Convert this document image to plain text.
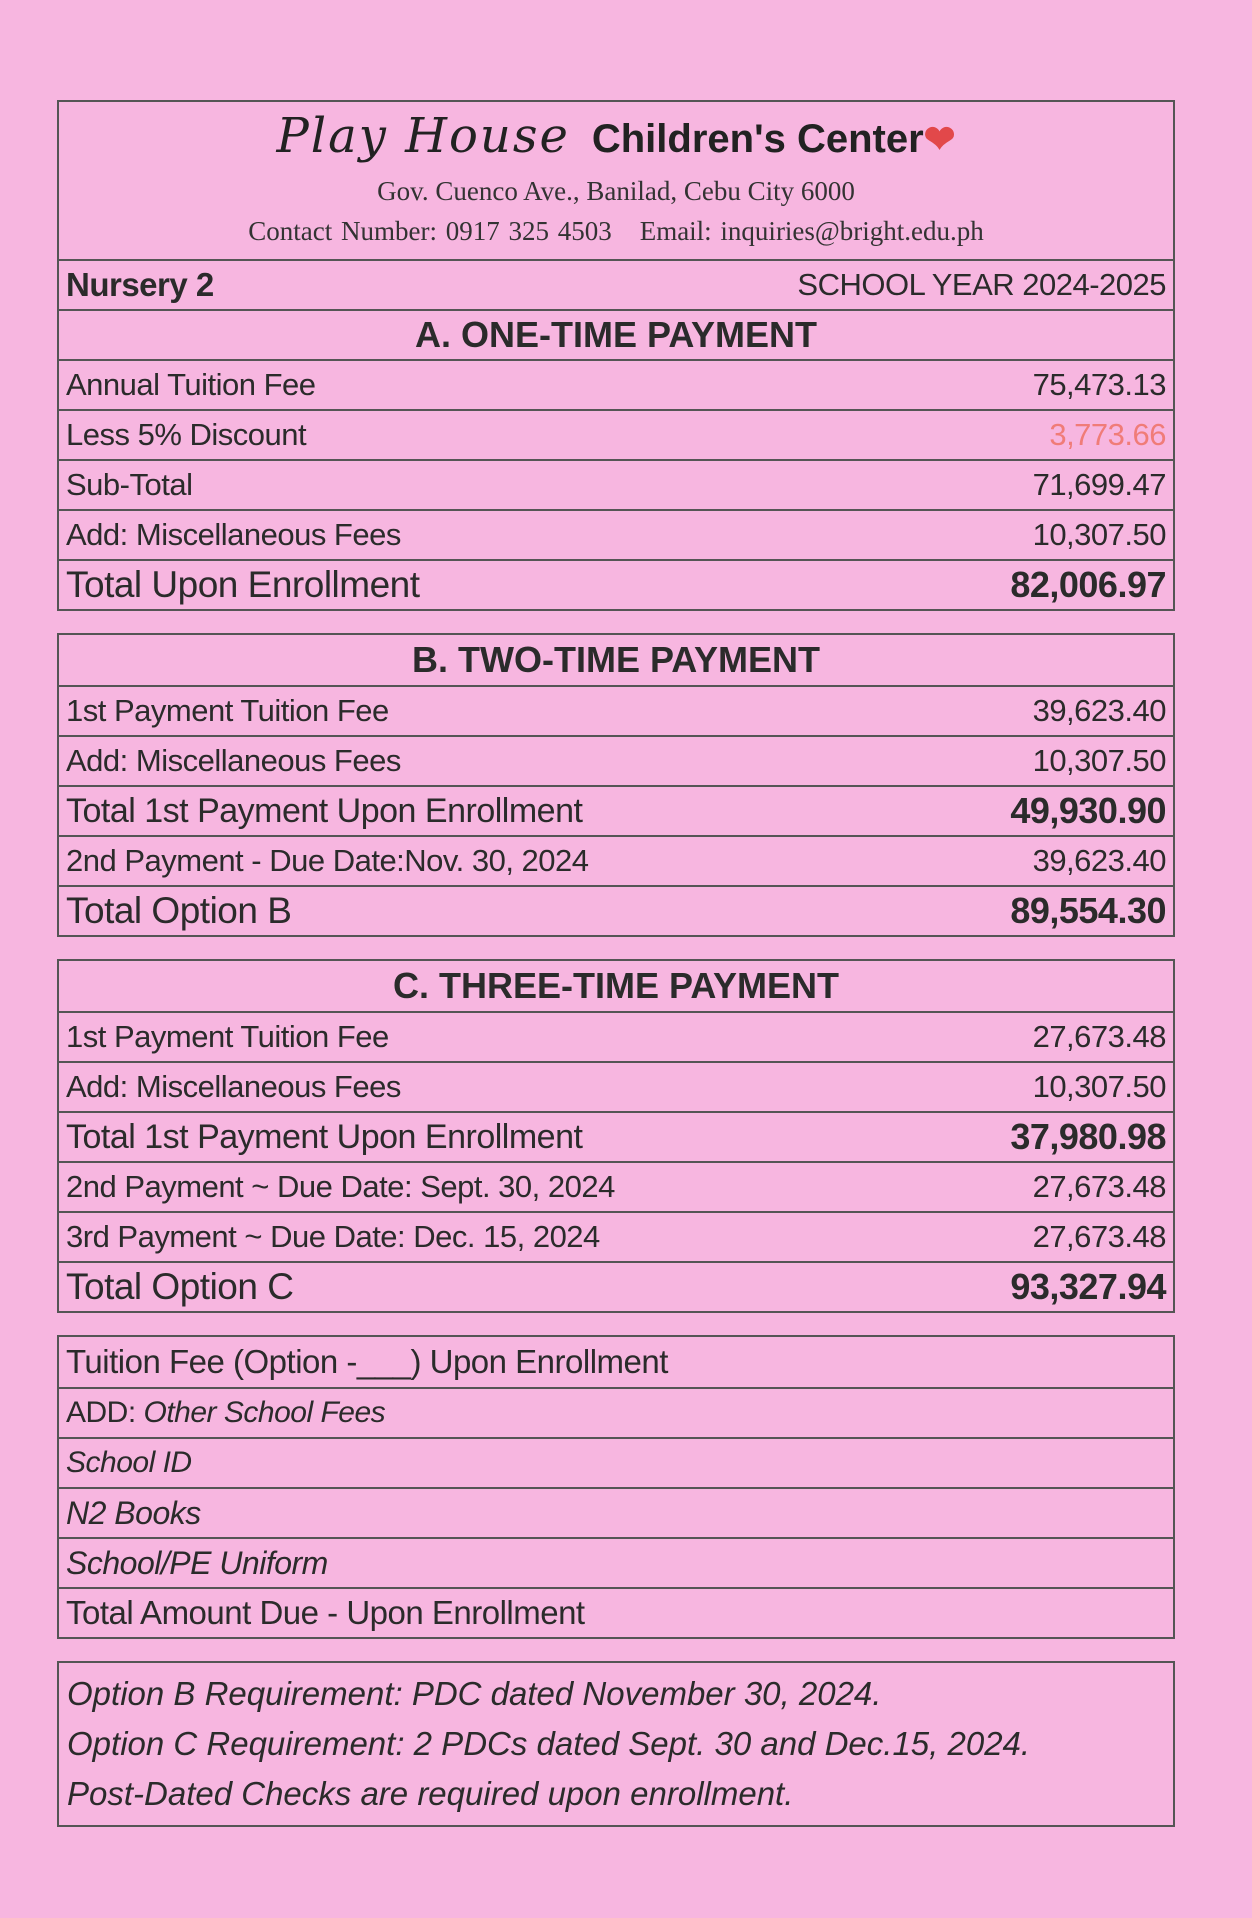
Play House Children's Center❤
Gov. Cuenco Ave., Banilad, Cebu City 6000
Contact Number: 0917 325 4503 Email: inquiries@bright.edu.ph
Nursery 2	SCHOOL YEAR 2024-2025
A. ONE-TIME PAYMENT
Annual Tuition Fee	75,473.13
Less 5% Discount	3,773.66
Sub-Total	71,699.47
Add: Miscellaneous Fees	10,307.50
Total Upon Enrollment	82,006.97
B. TWO-TIME PAYMENT
1st Payment Tuition Fee	39,623.40
Add: Miscellaneous Fees	10,307.50
Total 1st Payment Upon Enrollment	49,930.90
2nd Payment - Due Date:Nov. 30, 2024	39,623.40
Total Option B	89,554.30
C. THREE-TIME PAYMENT
1st Payment Tuition Fee	27,673.48
Add: Miscellaneous Fees	10,307.50
Total 1st Payment Upon Enrollment	37,980.98
2nd Payment ~ Due Date: Sept. 30, 2024	27,673.48
3rd Payment ~ Due Date: Dec. 15, 2024	27,673.48
Total Option C	93,327.94
Tuition Fee (Option -___) Upon Enrollment
ADD: Other School Fees
School ID
N2 Books
School/PE Uniform
Total Amount Due - Upon Enrollment
Option B Requirement: PDC dated November 30, 2024.
Option C Requirement: 2 PDCs dated Sept. 30 and Dec.15, 2024.
Post-Dated Checks are required upon enrollment.
